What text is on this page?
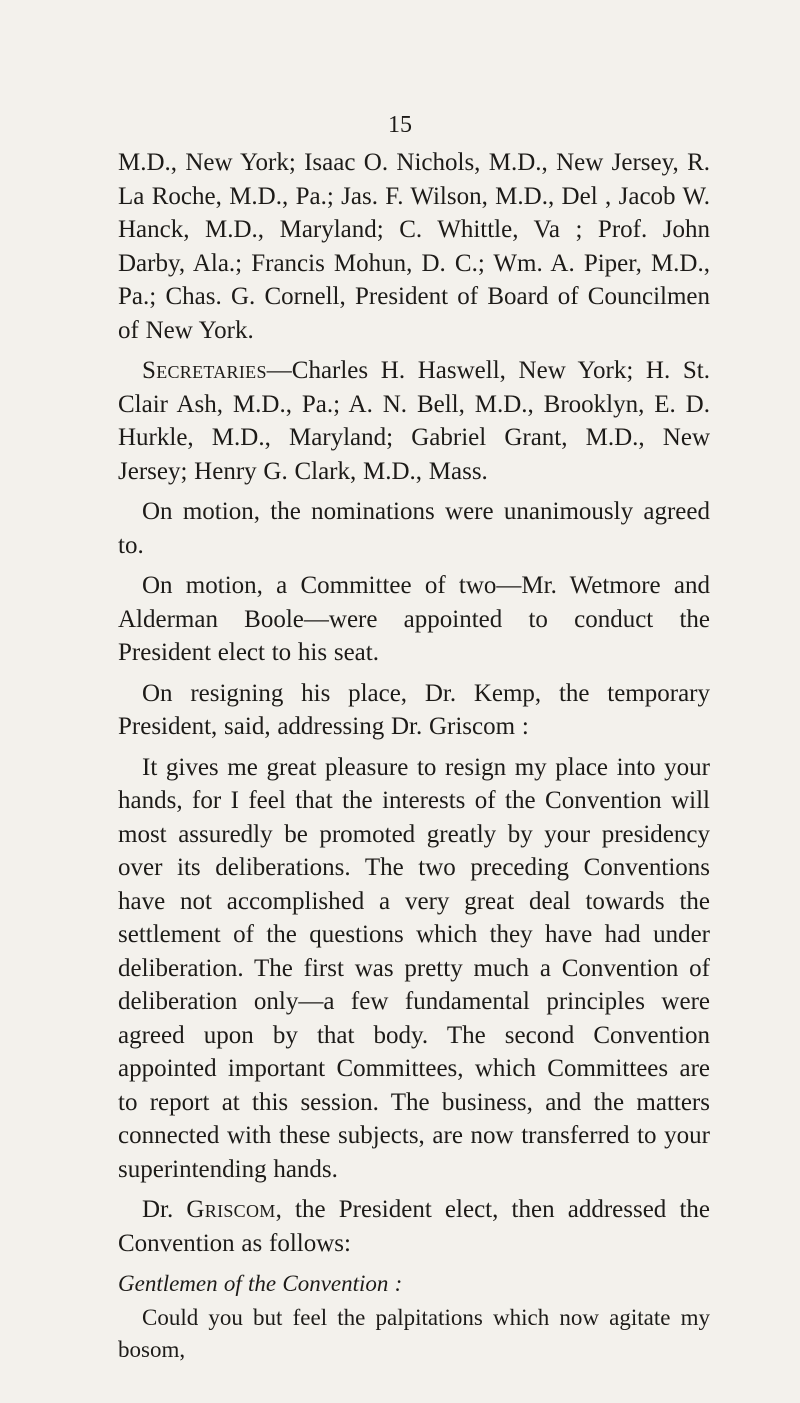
15

M.D., New York; Isaac O. Nichols, M.D., New Jersey, R. La Roche, M.D., Pa.; Jas. F. Wilson, M.D., Del , Jacob W. Hanck, M.D., Maryland; C. Whittle, Va ; Prof. John Darby, Ala.; Francis Mohun, D. C.; Wm. A. Piper, M.D., Pa.; Chas. G. Cornell, President of Board of Councilmen of New York.

Secretaries—Charles H. Haswell, New York; H. St. Clair Ash, M.D., Pa.; A. N. Bell, M.D., Brooklyn, E. D. Hurkle, M.D., Maryland; Gabriel Grant, M.D., New Jersey; Henry G. Clark, M.D., Mass.

On motion, the nominations were unanimously agreed to.

On motion, a Committee of two—Mr. Wetmore and Alderman Boole—were appointed to conduct the President elect to his seat.

On resigning his place, Dr. Kemp, the temporary President, said, addressing Dr. Griscom :

It gives me great pleasure to resign my place into your hands, for I feel that the interests of the Convention will most assuredly be promoted greatly by your presidency over its deliberations. The two preceding Conventions have not accomplished a very great deal towards the settlement of the questions which they have had under deliberation. The first was pretty much a Convention of deliberation only—a few fundamental principles were agreed upon by that body. The second Convention appointed important Committees, which Committees are to report at this session. The business, and the matters connected with these subjects, are now transferred to your superintending hands.

Dr. Griscom, the President elect, then addressed the Convention as follows:

Gentlemen of the Convention :

Could you but feel the palpitations which now agitate my bosom,
